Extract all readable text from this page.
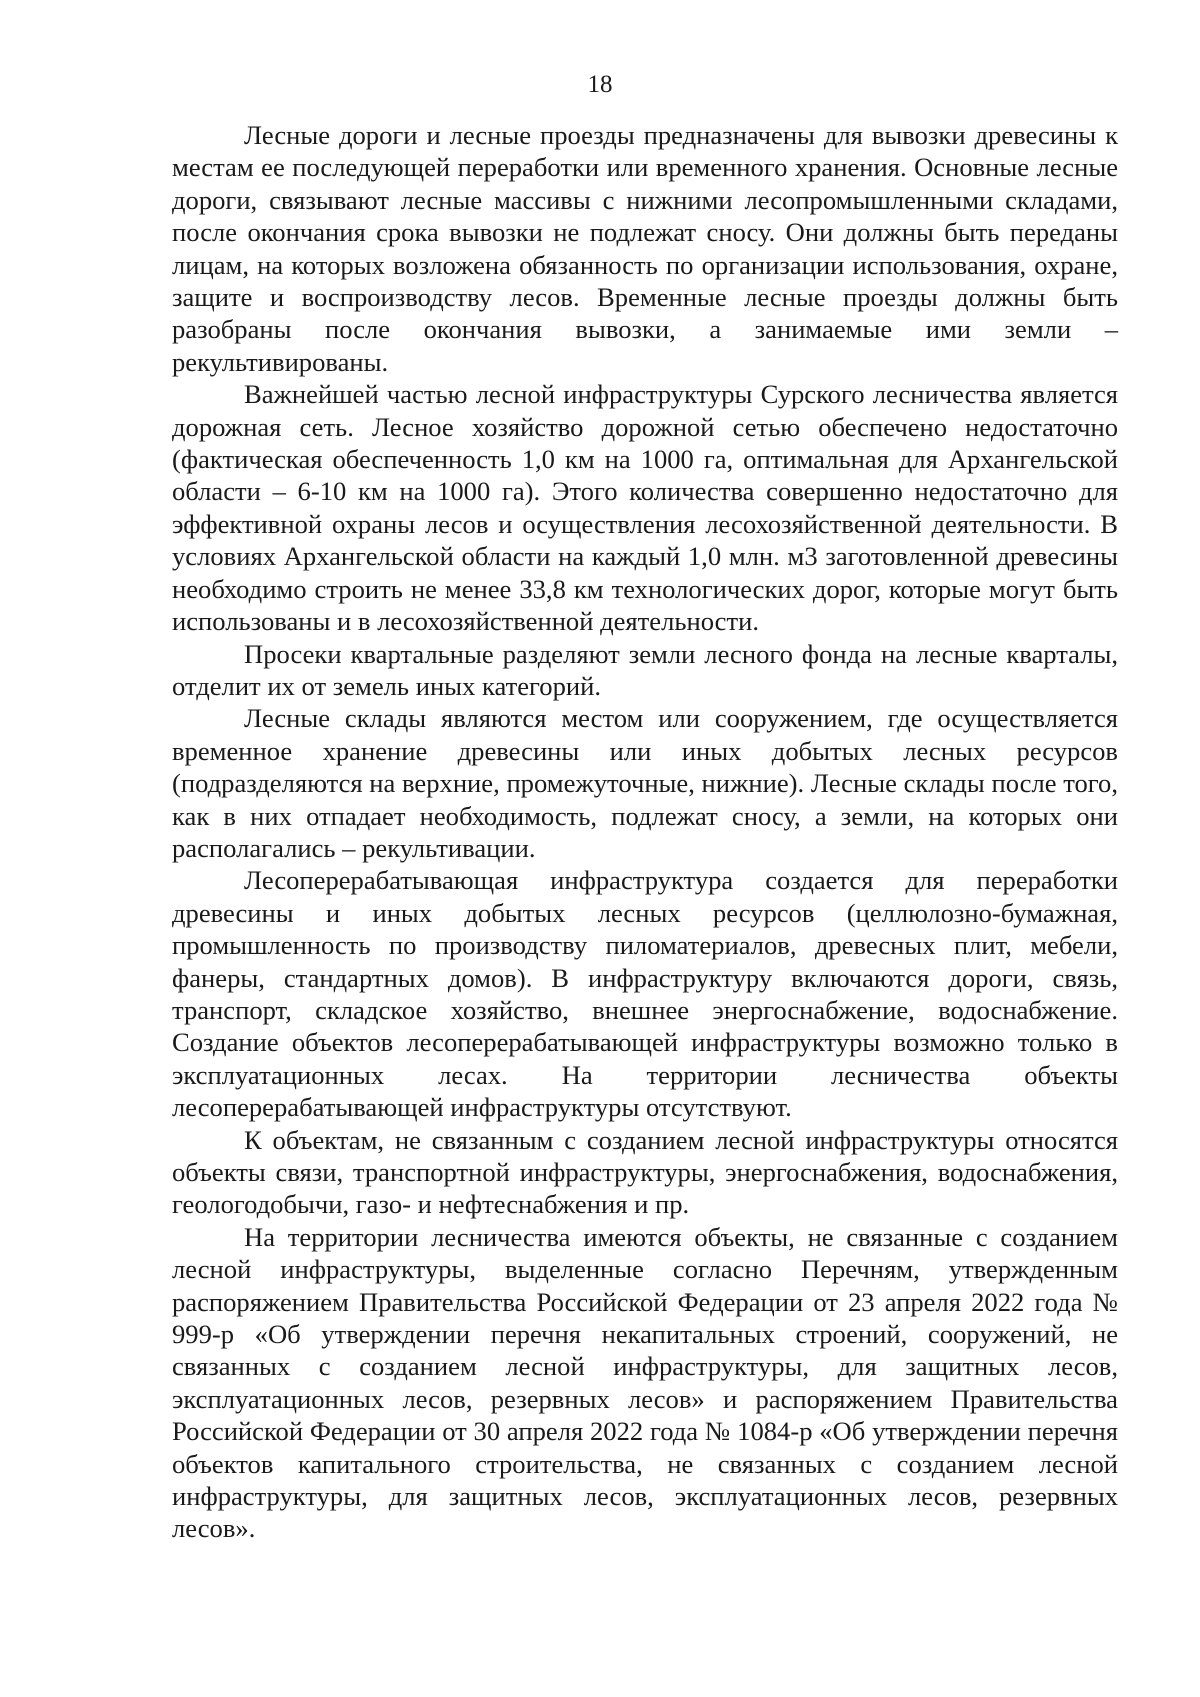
18

Лесные дороги и лесные проезды предназначены для вывозки древесины к местам ее последующей переработки или временного хранения. Основные лесные дороги, связывают лесные массивы с нижними лесопромышленными складами, после окончания срока вывозки не подлежат сносу. Они должны быть переданы лицам, на которых возложена обязанность по организации использования, охране, защите и воспроизводству лесов. Временные лесные проезды должны быть разобраны после окончания вывозки, а занимаемые ими земли – рекультивированы.

Важнейшей частью лесной инфраструктуры Сурского лесничества является дорожная сеть. Лесное хозяйство дорожной сетью обеспечено недостаточно (фактическая обеспеченность 1,0 км на 1000 га, оптимальная для Архангельской области – 6-10 км на 1000 га). Этого количества совершенно недостаточно для эффективной охраны лесов и осуществления лесохозяйственной деятельности. В условиях Архангельской области на каждый 1,0 млн. м3 заготовленной древесины необходимо строить не менее 33,8 км технологических дорог, которые могут быть использованы и в лесохозяйственной деятельности.

Просеки квартальные разделяют земли лесного фонда на лесные кварталы, отделит их от земель иных категорий.

Лесные склады являются местом или сооружением, где осуществляется временное хранение древесины или иных добытых лесных ресурсов (подразделяются на верхние, промежуточные, нижние). Лесные склады после того, как в них отпадает необходимость, подлежат сносу, а земли, на которых они располагались – рекультивации.

Лесоперерабатывающая инфраструктура создается для переработки древесины и иных добытых лесных ресурсов (целлюлозно-бумажная, промышленность по производству пиломатериалов, древесных плит, мебели, фанеры, стандартных домов). В инфраструктуру включаются дороги, связь, транспорт, складское хозяйство, внешнее энергоснабжение, водоснабжение. Создание объектов лесоперерабатывающей инфраструктуры возможно только в эксплуатационных лесах. На территории лесничества объекты лесоперерабатывающей инфраструктуры отсутствуют.

К объектам, не связанным с созданием лесной инфраструктуры относятся объекты связи, транспортной инфраструктуры, энергоснабжения, водоснабжения, геологодобычи, газо- и нефтеснабжения и пр.

На территории лесничества имеются объекты, не связанные с созданием лесной инфраструктуры, выделенные согласно Перечням, утвержденным распоряжением Правительства Российской Федерации от 23 апреля 2022 года № 999-р «Об утверждении перечня некапитальных строений, сооружений, не связанных с созданием лесной инфраструктуры, для защитных лесов, эксплуатационных лесов, резервных лесов» и распоряжением Правительства Российской Федерации от 30 апреля 2022 года № 1084-р «Об утверждении перечня объектов капитального строительства, не связанных с созданием лесной инфраструктуры, для защитных лесов, эксплуатационных лесов, резервных лесов».
